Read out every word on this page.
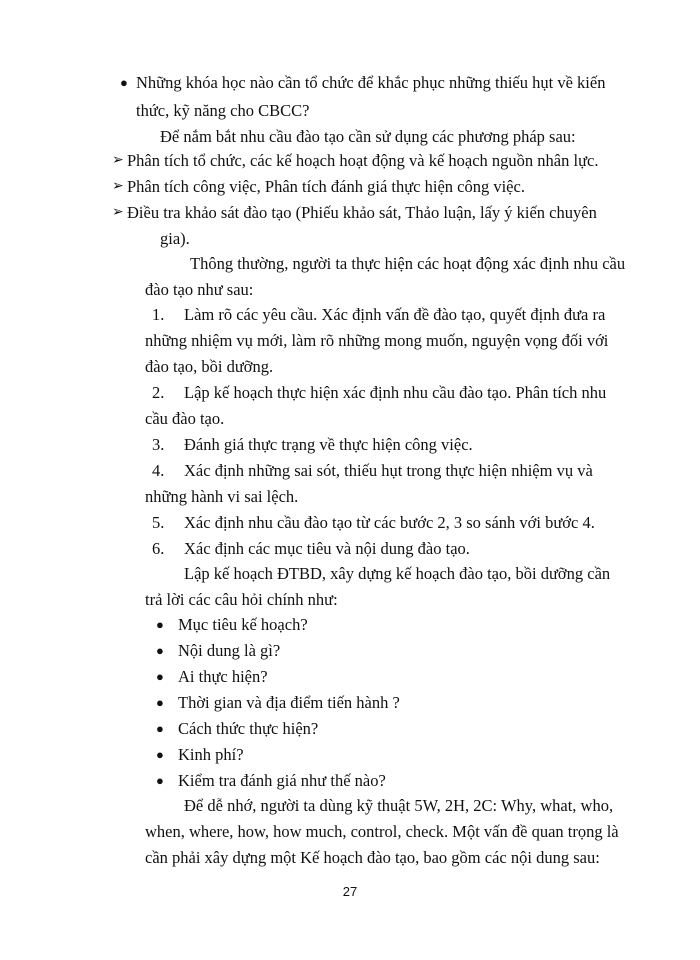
● Những khóa học nào cần tổ chức để khắc phục những thiếu hụt về kiến
thức, kỹ năng cho CBCC?
Để nắm bắt nhu cầu đào tạo cần sử dụng các phương pháp sau:
➢ Phân tích tổ chức, các kế hoạch hoạt động và kế hoạch nguồn nhân lực.
➢ Phân tích công việc, Phân tích đánh giá thực hiện công việc.
➢ Điều tra khảo sát đào tạo (Phiếu khảo sát, Thảo luận, lấy ý kiến chuyên
gia).
Thông thường, người ta thực hiện các hoạt động xác định nhu cầu
đào tạo như sau:
1. Làm rõ các yêu cầu. Xác định vấn đề đào tạo, quyết định đưa ra
những nhiệm vụ mới, làm rõ những mong muốn, nguyện vọng đối với
đào tạo, bồi dưỡng.
2. Lập kế hoạch thực hiện xác định nhu cầu đào tạo. Phân tích nhu
cầu đào tạo.
3. Đánh giá thực trạng về thực hiện công việc.
4. Xác định những sai sót, thiếu hụt trong thực hiện nhiệm vụ và
những hành vi sai lệch.
5. Xác định nhu cầu đào tạo từ các bước 2, 3 so sánh với bước 4.
6. Xác định các mục tiêu và nội dung đào tạo.
Lập kế hoạch ĐTBD, xây dựng kế hoạch đào tạo, bồi dưỡng cần
trả lời các câu hỏi chính như:
● Mục tiêu kế hoạch?
● Nội dung là gì?
● Ai thực hiện?
● Thời gian và địa điểm tiến hành ?
● Cách thức thực hiện?
● Kinh phí?
● Kiểm tra đánh giá như thế nào?
Để dễ nhớ, người ta dùng kỹ thuật 5W, 2H, 2C: Why, what, who,
when, where, how, how much, control, check. Một vấn đề quan trọng là
cần phải xây dựng một Kế hoạch đào tạo, bao gồm các nội dung sau:
27
